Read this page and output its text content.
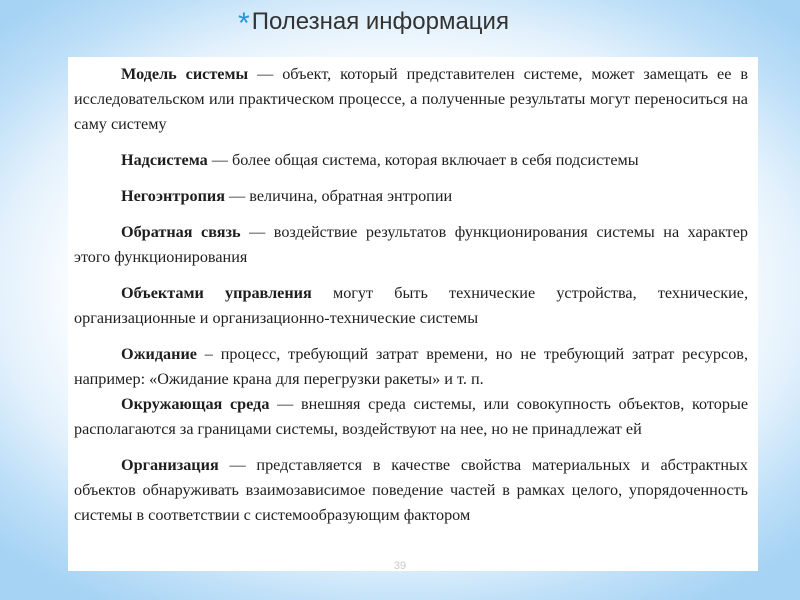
*Полезная информация

Модель системы — объект, который представителен системе, может замещать ее в исследовательском или практическом процессе, а полученные результаты могут переноситься на саму систему

Надсистема — более общая система, которая включает в себя подсистемы

Негоэнтропия — величина, обратная энтропии

Обратная связь — воздействие результатов функционирования системы на характер этого функционирования

Объектами управления могут быть технические устройства, технические, организационные и организационно-технические системы

Ожидание – процесс, требующий затрат времени, но не требующий затрат ресурсов, например: «Ожидание крана для перегрузки ракеты» и т. п.

Окружающая среда — внешняя среда системы, или совокупность объектов, которые располагаются за границами системы, воздействуют на нее, но не принадлежат ей

Организация — представляется в качестве свойства материальных и абстрактных объектов обнаруживать взаимозависимое поведение частей в рамках целого, упорядоченность системы в соответствии с системообразующим фактором

39
